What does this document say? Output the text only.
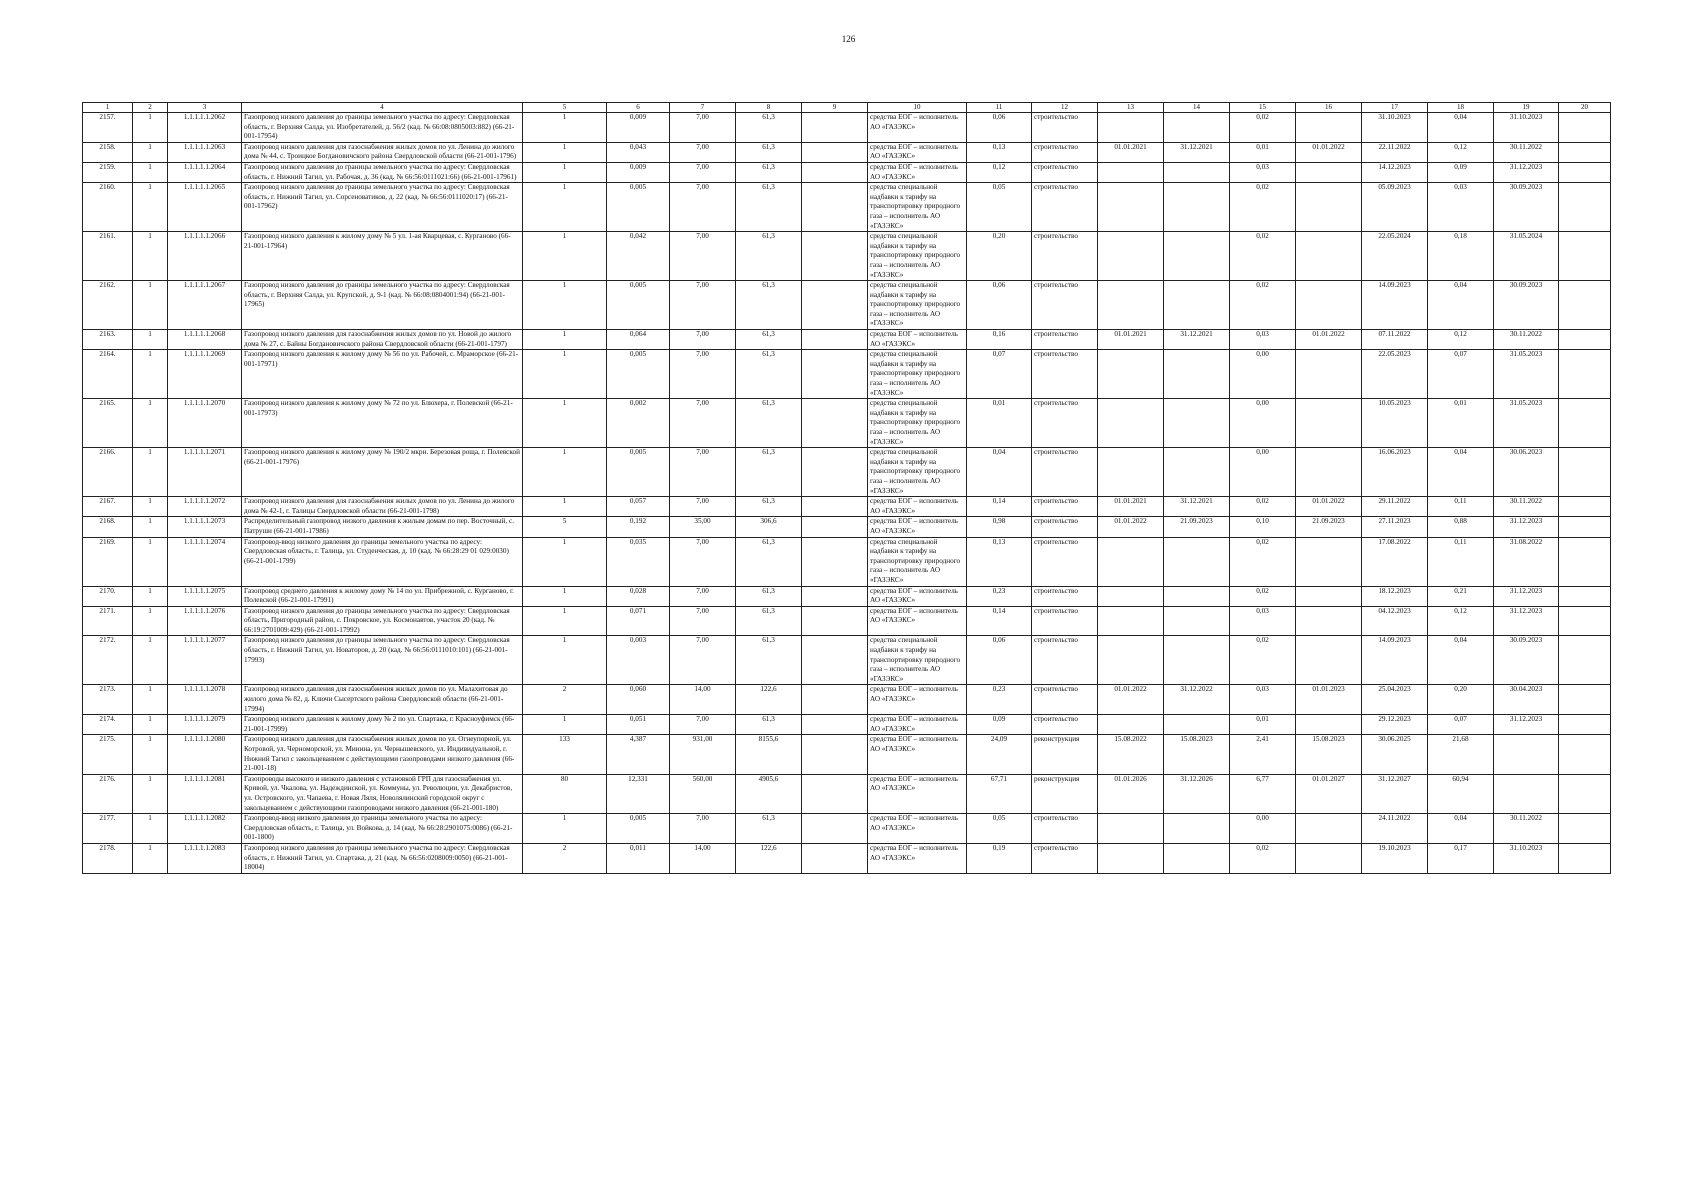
126
1	2	3	4	5	6	7	8	9	10	11	12	13	14	15	16	17	18	19	20
2157.	1	1.1.1.1.1.2062	Газопровод низкого давления до границы земельного участка по адресу: Свердловская область, г. Верхняя Салда, ул. Изобретателей, д. 56/2 (кад. № 66:08:0805003:882) (66-21-001-17954)	1	0,009	7,00	61,3		средства ЕОГ – исполнитель АО «ГАЗЭКС»	0,06	строительство			0,02		31.10.2023	0,04	31.10.2023	
2158.	1	1.1.1.1.1.2063	Газопровод низкого давления для газоснабжения жилых домов по ул. Ленина до жилого дома № 44, с. Троицкое Богдановичского района Свердловской области (66-21-001-1796)	1	0,043	7,00	61,3		средства ЕОГ – исполнитель АО «ГАЗЭКС»	0,13	строительство	01.01.2021	31.12.2021	0,01	01.01.2022	22.11.2022	0,12	30.11.2022	
2159.	1	1.1.1.1.1.2064	Газопровод низкого давления до границы земельного участка по адресу: Свердловская область, г. Нижний Тагил, ул. Рабочая, д. 36 (кад. № 66:56:0111021:66) (66-21-001-17961)	1	0,009	7,00	61,3		средства ЕОГ – исполнитель АО «ГАЗЭКС»	0,12	строительство			0,03		14.12.2023	0,09	31.12.2023	
2160.	1	1.1.1.1.1.2065	Газопровод низкого давления до границы земельного участка по адресу: Свердловская область, г. Нижний Тагил, ул. Сорсеноватиков, д. 22 (кад. № 66:56:0111020:17) (66-21-001-17962)	1	0,005	7,00	61,3		средства специальной надбавки к тарифу на транспортировку природного газа – исполнитель АО «ГАЗЭКС»	0,05	строительство			0,02		05.09.2023	0,03	30.09.2023	
2161.	1	1.1.1.1.1.2066	Газопровод низкого давления к жилому дому № 5 ул. 1-ая Кварцевая, с. Курганово (66-21-001-17964)	1	0,042	7,00	61,3		средства специальной надбавки к тарифу на транспортировку природного газа – исполнитель АО «ГАЗЭКС»	0,20	строительство			0,02		22.05.2024	0,18	31.05.2024	
2162.	1	1.1.1.1.1.2067	Газопровод низкого давления до границы земельного участка по адресу: Свердловская область, г. Верхняя Салда, ул. Крупской, д. 9-1 (кад. № 66:08:0804001:94) (66-21-001-17965)	1	0,005	7,00	61,3		средства специальной надбавки к тарифу на транспортировку природного газа – исполнитель АО «ГАЗЭКС»	0,06	строительство			0,02		14.09.2023	0,04	30.09.2023	
2163.	1	1.1.1.1.1.2068	Газопровод низкого давления для газоснабжения жилых домов по ул. Новой до жилого дома № 27, с. Байны Богдановичского района Свердловской области (66-21-001-1797)	1	0,064	7,00	61,3		средства ЕОГ – исполнитель АО «ГАЗЭКС»	0,16	строительство	01.01.2021	31.12.2021	0,03	01.01.2022	07.11.2022	0,12	30.11.2022	
2164.	1	1.1.1.1.1.2069	Газопровод низкого давления к жилому дому № 56 по ул. Рабочей, с. Мраморское (66-21-001-17971)	1	0,005	7,00	61,3		средства специальной надбавки к тарифу на транспортировку природного газа – исполнитель АО «ГАЗЭКС»	0,07	строительство			0,00		22.05.2023	0,07	31.05.2023	
2165.	1	1.1.1.1.1.2070	Газопровод низкого давления к жилому дому № 72 по ул. Блюхера, г. Полевской (66-21-001-17973)	1	0,002	7,00	61,3		средства специальной надбавки к тарифу на транспортировку природного газа – исполнитель АО «ГАЗЭКС»	0,01	строительство			0,00		10.05.2023	0,01	31.05.2023	
2166.	1	1.1.1.1.1.2071	Газопровод низкого давления к жилому дому № 190/2 мкрн. Березовая роща, г. Полевской (66-21-001-17976)	1	0,005	7,00	61,3		средства специальной надбавки к тарифу на транспортировку природного газа – исполнитель АО «ГАЗЭКС»	0,04	строительство			0,00		16.06.2023	0,04	30.06.2023	
2167.	1	1.1.1.1.1.2072	Газопровод низкого давления для газоснабжения жилых домов по ул. Ленина до жилого дома № 42-1, г. Талицы Свердловской области (66-21-001-1798)	1	0,057	7,00	61,3		средства ЕОГ – исполнитель АО «ГАЗЭКС»	0,14	строительство	01.01.2021	31.12.2021	0,02	01.01.2022	29.11.2022	0,11	30.11.2022	
2168.	1	1.1.1.1.1.2073	Распределительный газопровод низкого давления к жилым домам по пер. Восточный, с. Патруши (66-21-001-17986)	5	0,192	35,00	306,6		средства ЕОГ – исполнитель АО «ГАЗЭКС»	0,98	строительство	01.01.2022	21.09.2023	0,10	21.09.2023	27.11.2023	0,88	31.12.2023	
2169.	1	1.1.1.1.1.2074	Газопровод-ввод низкого давления до границы земельного участка по адресу: Свердловская область, г. Талица, ул. Студенческая, д. 10 (кад. № 66:28:29 01 029:0030) (66-21-001-1799)	1	0,035	7,00	61,3		средства специальной надбавки к тарифу на транспортировку природного газа – исполнитель АО «ГАЗЭКС»	0,13	строительство			0,02		17.08.2022	0,11	31.08.2022	
2170.	1	1.1.1.1.1.2075	Газопровод среднего давления к жилому дому № 14 по ул. Прибрежной, с. Курганово, г. Полевской (66-21-001-17991)	1	0,028	7,00	61,3		средства ЕОГ – исполнитель АО «ГАЗЭКС»	0,23	строительство			0,02		18.12.2023	0,21	31.12.2023	
2171.	1	1.1.1.1.1.2076	Газопровод низкого давления до границы земельного участка по адресу: Свердловская область, Пригородный район, с. Покровское, ул. Космонавтов, участок 20 (кад. № 66:19:2701009:429) (66-21-001-17992)	1	0,071	7,00	61,3		средства ЕОГ – исполнитель АО «ГАЗЭКС»	0,14	строительство			0,03		04.12.2023	0,12	31.12.2023	
2172.	1	1.1.1.1.1.2077	Газопровод низкого давления до границы земельного участка по адресу: Свердловская область, г. Нижний Тагил, ул. Новаторов, д. 20 (кад. № 66:56:0111010:101) (66-21-001-17993)	1	0,003	7,00	61,3		средства специальной надбавки к тарифу на транспортировку природного газа – исполнитель АО «ГАЗЭКС»	0,06	строительство			0,02		14.09.2023	0,04	30.09.2023	
2173.	1	1.1.1.1.1.2078	Газопровод низкого давления для газоснабжения жилых домов по ул. Малахитовая до жилого дома № 82, д. Ключи Сысертского района Свердловской области (66-21-001-17994)	2	0,060	14,00	122,6		средства ЕОГ – исполнитель АО «ГАЗЭКС»	0,23	строительство	01.01.2022	31.12.2022	0,03	01.01.2023	25.04.2023	0,20	30.04.2023	
2174.	1	1.1.1.1.1.2079	Газопровод низкого давления к жилому дому № 2 по ул. Спартака, г. Красноуфимск (66-21-001-17999)	1	0,051	7,00	61,3		средства ЕОГ – исполнитель АО «ГАЗЭКС»	0,09	строительство			0,01		29.12.2023	0,07	31.12.2023	
2175.	1	1.1.1.1.1.2080	Газопровод низкого давления для газоснабжения жилых домов по ул. Огнеупорной, ул. Котровой, ул. Черноморской, ул. Минина, ул. Чернышевского, ул. Индивидуальной, г. Нижний Тагил с закольцеванием с действующими газопроводами низкого давления (66-21-001-18)	133	4,387	931,00	8155,6		средства ЕОГ – исполнитель АО «ГАЗЭКС»	24,09	реконструкция	15.08.2022	15.08.2023	2,41	15.08.2023	30.06.2025	21,68		
2176.	1	1.1.1.1.1.2081	Газопроводы высокого и низкого давления с установкой ГРП для газоснабжения ул. Кривой, ул. Чкалова, ул. Надеждинской, ул. Коммуны, ул. Революции, ул. Декабристов, ул. Островского, ул. Чапаева, г. Новая Ляля, Новолялинский городской округ с закольцеванием с действующими газопроводами низкого давления (66-21-001-180)	80	12,331	560,00	4905,6		средства ЕОГ – исполнитель АО «ГАЗЭКС»	67,71	реконструкция	01.01.2026	31.12.2026	6,77	01.01.2027	31.12.2027	60,94		
2177.	1	1.1.1.1.1.2082	Газопровод-ввод низкого давления до границы земельного участка по адресу: Свердловская область, г. Талица, ул. Войкова, д. 14 (кад. № 66:28:2901075:0086) (66-21-001-1800)	1	0,005	7,00	61,3		средства ЕОГ – исполнитель АО «ГАЗЭКС»	0,05	строительство			0,00		24.11.2022	0,04	30.11.2022	
2178.	1	1.1.1.1.1.2083	Газопровод низкого давления до границы земельного участка по адресу: Свердловская область, г. Нижний Тагил, ул. Спартака, д. 21 (кад. № 66:56:0208009:0050) (66-21-001-18004)	2	0,011	14,00	122,6		средства ЕОГ – исполнитель АО «ГАЗЭКС»	0,19	строительство			0,02		19.10.2023	0,17	31.10.2023	
